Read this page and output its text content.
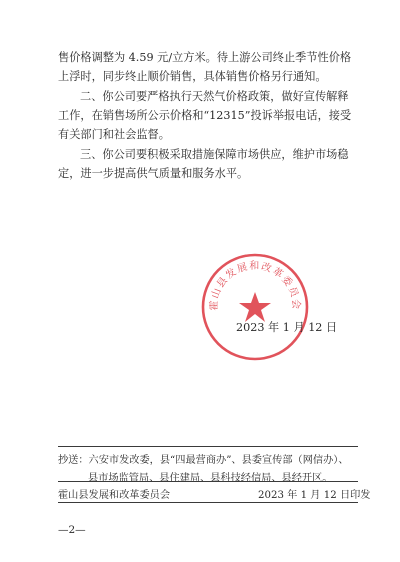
售价格调整为 4.59 元/立方米。待上游公司终止季节性价格
上浮时，同步终止顺价销售，具体销售价格另行通知。

二、你公司要严格执行天然气价格政策，做好宣传解释
工作，在销售场所公示价格和“12315”投诉举报电话，接受
有关部门和社会监督。

三、你公司要积极采取措施保障市场供应，维护市场稳
定，进一步提高供气质量和服务水平。

霍山县发展和改革委员会
2023 年 1 月 12 日
抄送：六安市发改委，县“四最营商办”、县委宣传部（网信办）、
县市场监管局、县住建局、县科技经信局、县经开区。
霍山县发展和改革委员会	2023 年 1 月 12 日印发
—2—
